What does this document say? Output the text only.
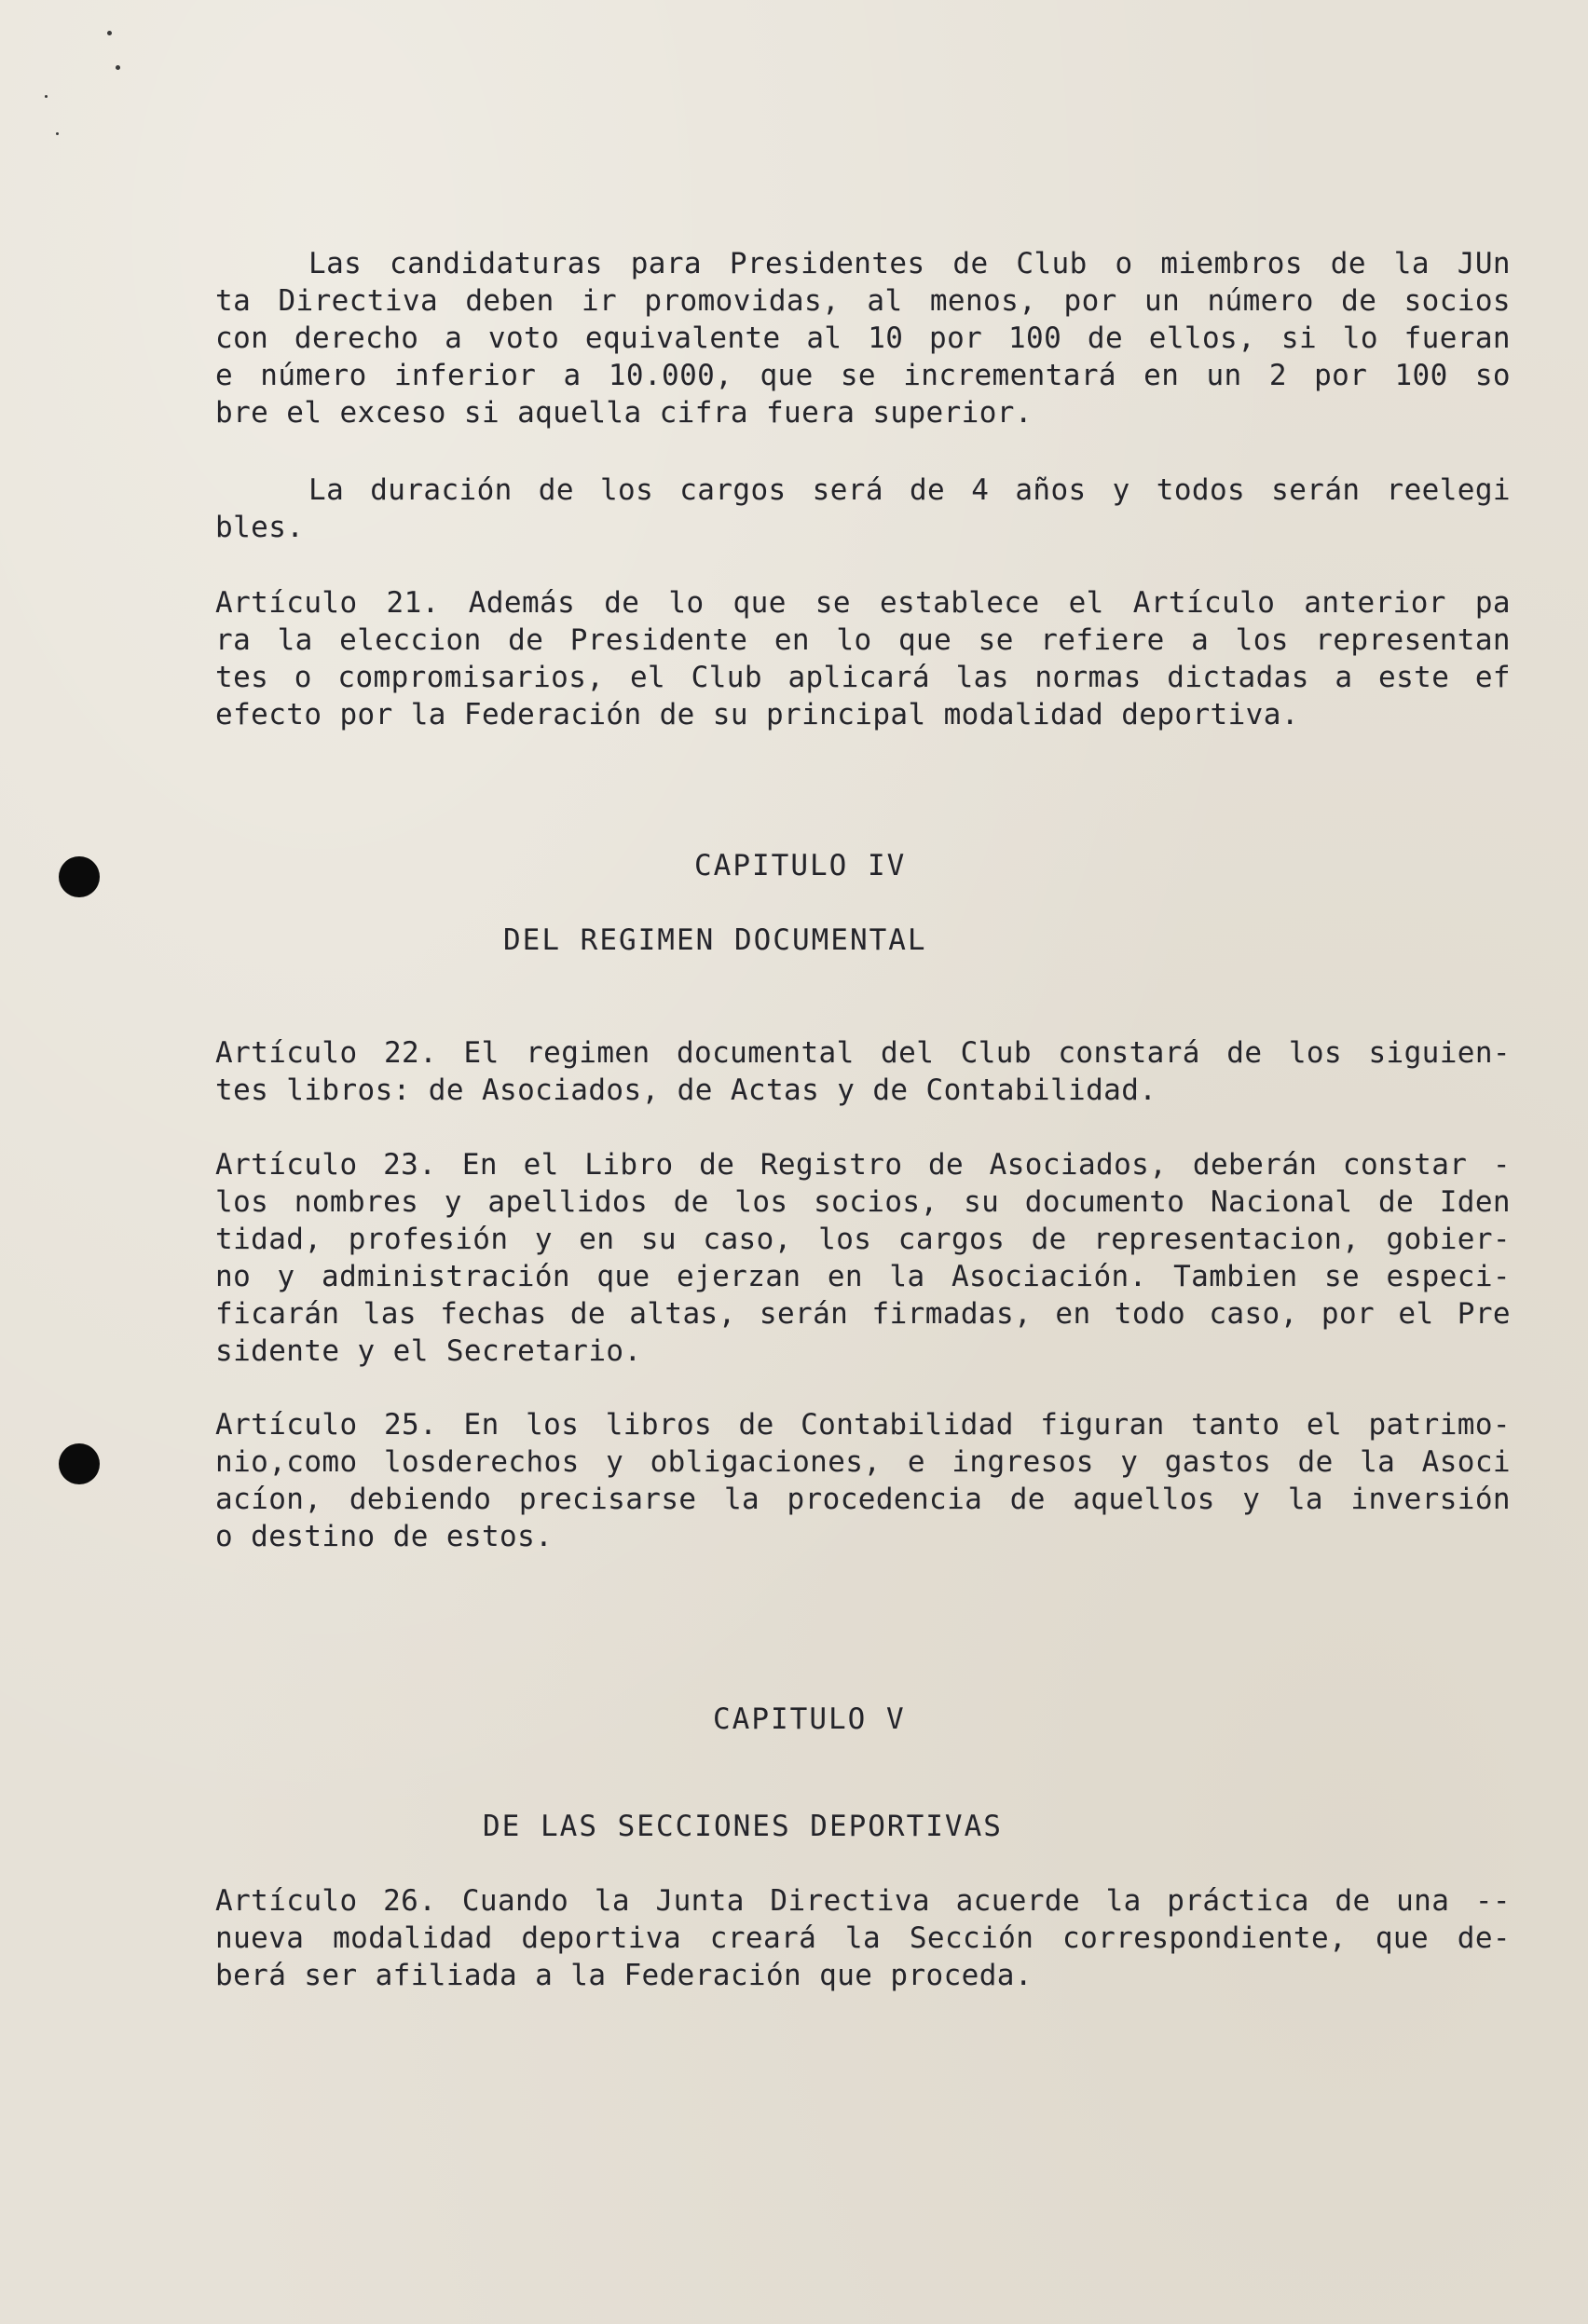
Las candidaturas para Presidentes de Club o miembros de la JUn
ta Directiva deben ir promovidas, al menos, por un número de socios
con derecho a voto equivalente al 10 por 100 de ellos, si lo fueran
e número inferior a 10.000, que se incrementará en un 2 por 100 so
bre el exceso si aquella cifra fuera superior.
La duración de los cargos será de 4 años y todos serán reelegi
bles.
Artículo 21. Además de lo que se establece el Artículo anterior pa
ra la eleccion de Presidente en lo que se refiere a los representan
tes o compromisarios, el Club aplicará las normas dictadas a este ef
efecto por la Federación de su principal modalidad deportiva.
CAPITULO IV
DEL REGIMEN DOCUMENTAL
Artículo 22. El regimen documental del Club constará de los siguien-
tes libros: de Asociados, de Actas y de Contabilidad.
Artículo 23. En el Libro de Registro de Asociados, deberán constar -
los nombres y apellidos de los socios, su documento Nacional de Iden
tidad, profesión y en su caso, los cargos de representacion, gobier-
no y administración que ejerzan en la Asociación. Tambien se especi-
ficarán las fechas de altas, serán firmadas, en todo caso, por el Pre
sidente y el Secretario.
Artículo 25. En los libros de Contabilidad figuran tanto el patrimo-
nio,como losderechos y obligaciones, e ingresos y gastos de la Asoci
acíon, debiendo precisarse la procedencia de aquellos y la inversión
o destino de estos.
CAPITULO V
DE LAS SECCIONES DEPORTIVAS
Artículo 26. Cuando la Junta Directiva acuerde la práctica de una --
nueva modalidad deportiva creará la Sección correspondiente, que de-
berá ser afiliada a la Federación que proceda.
